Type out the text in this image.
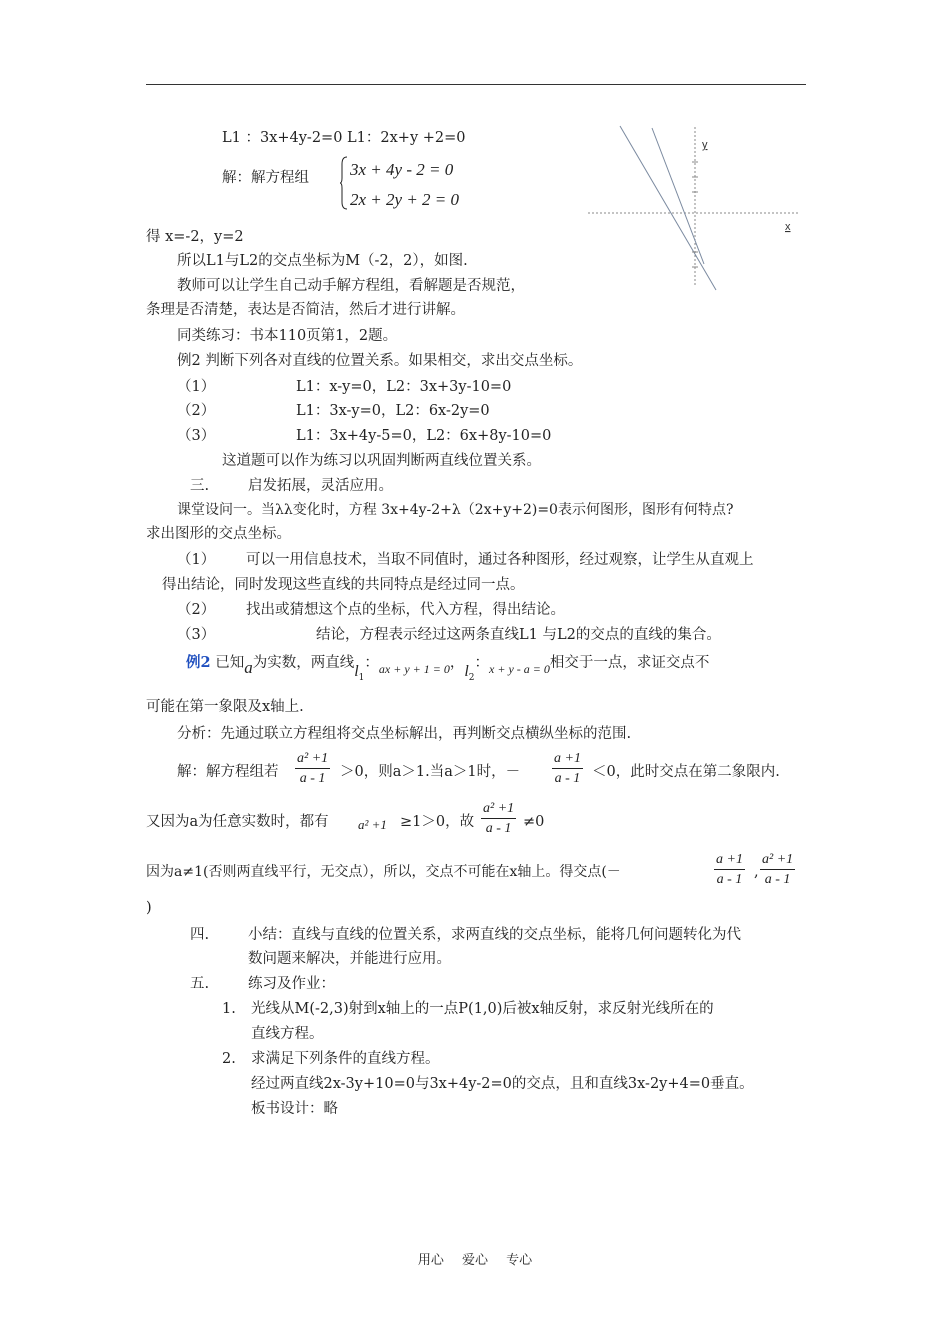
L1 ：3x+4y-2=0 L1：2x+y +2=0
解：解方程组 3x + 4y - 2 = 0
2x + 2y + 2 = 0
x
y
得 x=-2，y=2
所以L1与L2的交点坐标为M（-2，2），如图.
教师可以让学生自己动手解方程组，看解题是否规范，
条理是否清楚，表达是否简洁，然后才进行讲解。
同类练习：书本110页第1，2题。
例2 判断下列各对直线的位置关系。如果相交，求出交点坐标。
（1）	L1：x-y=0，L2：3x+3y-10=0
（2）	L1：3x-y=0，L2：6x-2y=0
（3）	L1：3x+4y-5=0，L2：6x+8y-10=0
这道题可以作为练习以巩固判断两直线位置关系。
三.	启发拓展，灵活应用。
课堂设问一。当λλ变化时，方程 3x+4y-2+λ（2x+y+2)=0表示何图形，图形有何特点?
求出图形的交点坐标。
（1） 可以一用信息技术，当取不同值时，通过各种图形，经过观察，让学生从直观上
得出结论，同时发现这些直线的共同特点是经过同一点。
（2） 找出或猜想这个点的坐标，代入方程，得出结论。
（3）	结论，方程表示经过这两条直线L1 与L2的交点的直线的集合。
例2 已知a为实数，两直线$l_1$：$_{ax + y + 1 = 0}$，$l_2$：$_{x + y - a = 0}$相交于一点，求证交点不
可能在第一象限及x轴上.
分析：先通过联立方程组将交点坐标解出，再判断交点横纵坐标的范围.
解：解方程组若 $\frac{\text{a² +1}}{a - 1} >0$，则a＞1.当a＞1时，－ $\frac{a +1}{a - 1} <0$，此时交点在第二象限内.
又因为a为任意实数时，都有 a² +1 ≥1＞0，故 $\frac{\text{a² +1}}{a - 1} \ne 0$
因为a≠1(否则两直线平行，无交点），所以，交点不可能在x轴上。得交点(－	$\frac{a +1}{a - 1}$ , $\frac{\text{a² +1}}{a - 1}$
)
四.	小结：直线与直线的位置关系，求两直线的交点坐标，能将几何问题转化为代
数问题来解决，并能进行应用。
五.	练习及作业：
1. 光线从M(-2,3)射到x轴上的一点P(1,0)后被x轴反射，求反射光线所在的
直线方程。
2. 求满足下列条件的直线方程。
经过两直线2x-3y+10=0与3x+4y-2=0的交点，且和直线3x-2y+4=0垂直。
板书设计：略
用心 爱心 专心
